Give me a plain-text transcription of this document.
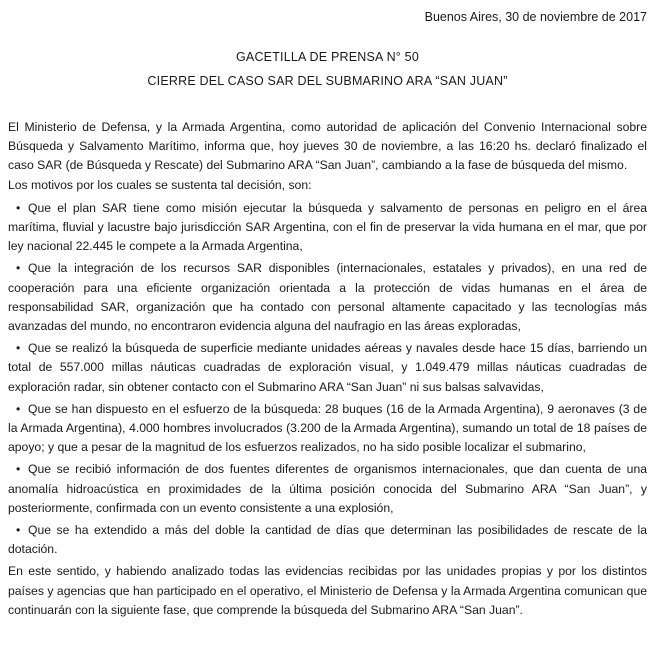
Buenos Aires, 30 de noviembre de 2017

GACETILLA DE PRENSA N° 50

CIERRE DEL CASO SAR DEL SUBMARINO ARA “SAN JUAN”

El Ministerio de Defensa, y la Armada Argentina, como autoridad de aplicación del Convenio Internacional sobre Búsqueda y Salvamento Marítimo, informa que, hoy jueves 30 de noviembre, a las 16:20 hs. declaró finalizado el caso SAR (de Búsqueda y Rescate) del Submarino ARA “San Juan”, cambiando a la fase de búsqueda del mismo.

Los motivos por los cuales se sustenta tal decisión, son:

• Que el plan SAR tiene como misión ejecutar la búsqueda y salvamento de personas en peligro en el área marítima, fluvial y lacustre bajo jurisdicción SAR Argentina, con el fin de preservar la vida humana en el mar, que por ley nacional 22.445 le compete a la Armada Argentina,
• Que la integración de los recursos SAR disponibles (internacionales, estatales y privados), en una red de cooperación para una eficiente organización orientada a la protección de vidas humanas en el área de responsabilidad SAR, organización que ha contado con personal altamente capacitado y las tecnologías más avanzadas del mundo, no encontraron evidencia alguna del naufragio en las áreas exploradas,
• Que se realizó la búsqueda de superficie mediante unidades aéreas y navales desde hace 15 días, barriendo un total de 557.000 millas náuticas cuadradas de exploración visual, y 1.049.479 millas náuticas cuadradas de exploración radar, sin obtener contacto con el Submarino ARA “San Juan” ni sus balsas salvavidas,
• Que se han dispuesto en el esfuerzo de la búsqueda: 28 buques (16 de la Armada Argentina), 9 aeronaves (3 de la Armada Argentina), 4.000 hombres involucrados (3.200 de la Armada Argentina), sumando un total de 18 países de apoyo; y que a pesar de la magnitud de los esfuerzos realizados, no ha sido posible localizar el submarino,
• Que se recibió información de dos fuentes diferentes de organismos internacionales, que dan cuenta de una anomalía hidroacústica en proximidades de la última posición conocida del Submarino ARA “San Juan”, y posteriormente, confirmada con un evento consistente a una explosión,
• Que se ha extendido a más del doble la cantidad de días que determinan las posibilidades de rescate de la dotación.

En este sentido, y habiendo analizado todas las evidencias recibidas por las unidades propias y por los distintos países y agencias que han participado en el operativo, el Ministerio de Defensa y la Armada Argentina comunican que continuarán con la siguiente fase, que comprende la búsqueda del Submarino ARA “San Juan”.
